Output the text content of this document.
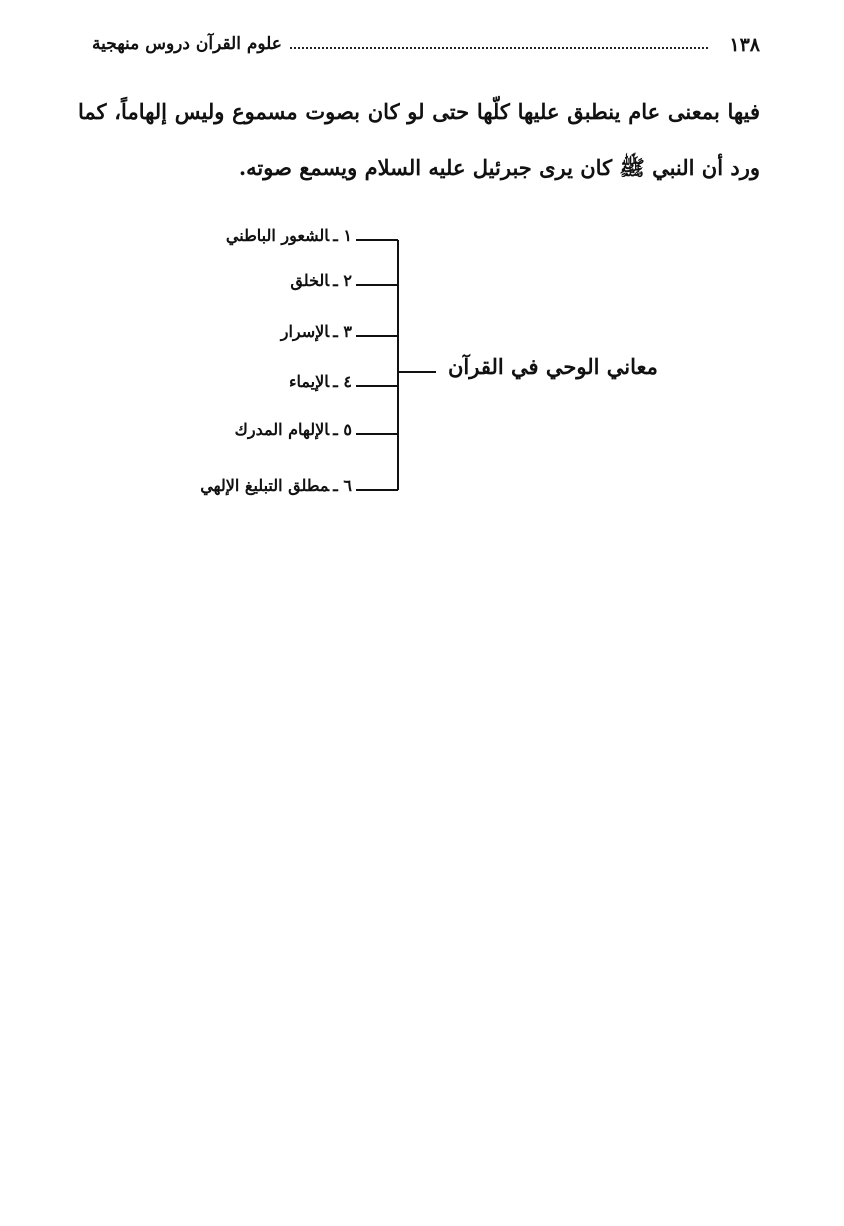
١٣٨
علوم القرآن دروس منهجية

فيها بمعنى عام ينطبق عليها كلّها حتى لو كان بصوت مسموع وليس إلهاماً، كما ورد أن النبي ﷺ كان يرى جبرئيل عليه السلام ويسمع صوته.

معاني الوحي في القرآن
١ ـالشعور الباطني
٢ ـالخلق
٣ ـالإسرار
٤ ـالإيماء
٥ ـالإلهام المدرك
٦ ـمطلق التبليغ الإلهي
